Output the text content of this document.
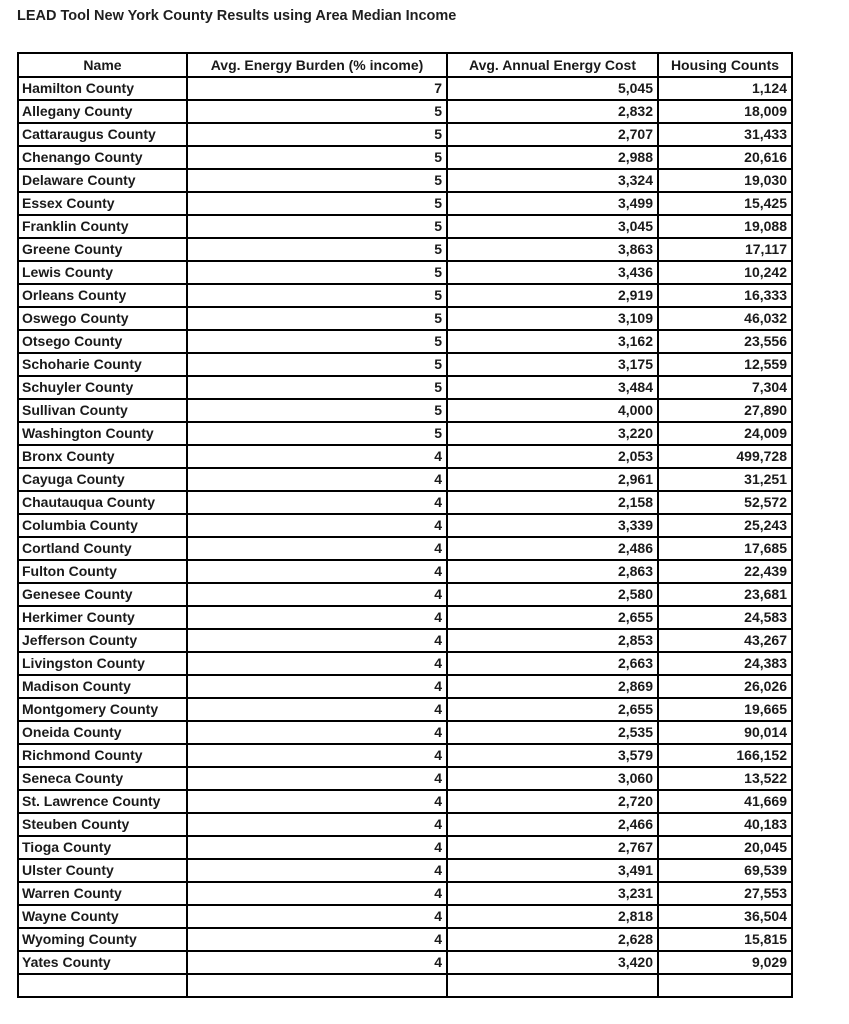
LEAD Tool New York County Results using Area Median Income
Name	Avg. Energy Burden (% income)	Avg. Annual Energy Cost	Housing Counts
Hamilton County	7	5,045	1,124
Allegany County	5	2,832	18,009
Cattaraugus County	5	2,707	31,433
Chenango County	5	2,988	20,616
Delaware County	5	3,324	19,030
Essex County	5	3,499	15,425
Franklin County	5	3,045	19,088
Greene County	5	3,863	17,117
Lewis County	5	3,436	10,242
Orleans County	5	2,919	16,333
Oswego County	5	3,109	46,032
Otsego County	5	3,162	23,556
Schoharie County	5	3,175	12,559
Schuyler County	5	3,484	7,304
Sullivan County	5	4,000	27,890
Washington County	5	3,220	24,009
Bronx County	4	2,053	499,728
Cayuga County	4	2,961	31,251
Chautauqua County	4	2,158	52,572
Columbia County	4	3,339	25,243
Cortland County	4	2,486	17,685
Fulton County	4	2,863	22,439
Genesee County	4	2,580	23,681
Herkimer County	4	2,655	24,583
Jefferson County	4	2,853	43,267
Livingston County	4	2,663	24,383
Madison County	4	2,869	26,026
Montgomery County	4	2,655	19,665
Oneida County	4	2,535	90,014
Richmond County	4	3,579	166,152
Seneca County	4	3,060	13,522
St. Lawrence County	4	2,720	41,669
Steuben County	4	2,466	40,183
Tioga County	4	2,767	20,045
Ulster County	4	3,491	69,539
Warren County	4	3,231	27,553
Wayne County	4	2,818	36,504
Wyoming County	4	2,628	15,815
Yates County	4	3,420	9,029
